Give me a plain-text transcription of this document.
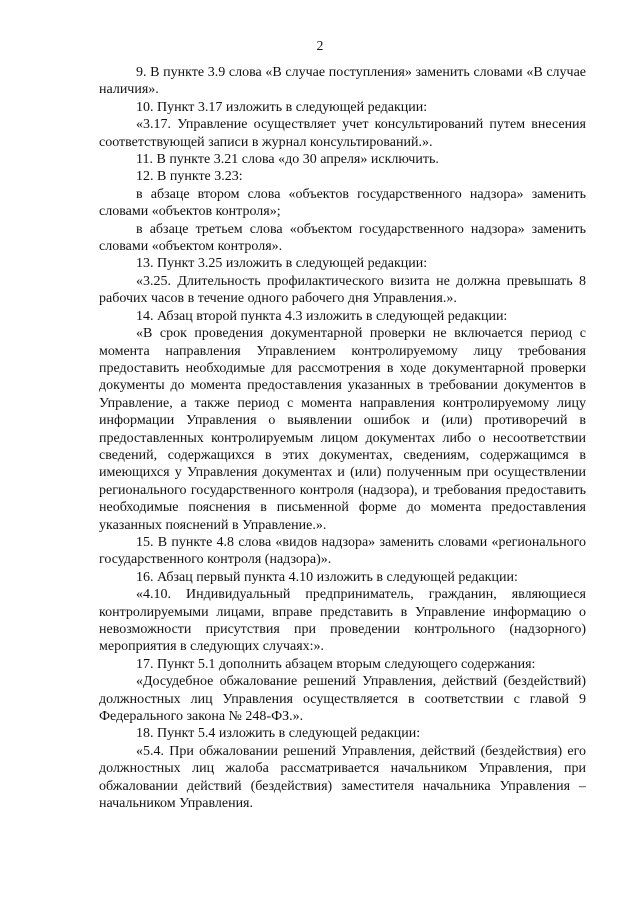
2

9. В пункте 3.9 слова «В случае поступления» заменить словами «В случае наличия».

10. Пункт 3.17 изложить в следующей редакции:

«3.17. Управление осуществляет учет консультирований путем внесения соответствующей записи в журнал консультирований.».

11. В пункте 3.21 слова «до 30 апреля» исключить.

12. В пункте 3.23:

в абзаце втором слова «объектов государственного надзора» заменить словами «объектов контроля»;

в абзаце третьем слова «объектом государственного надзора» заменить словами «объектом контроля».

13. Пункт 3.25 изложить в следующей редакции:

«3.25. Длительность профилактического визита не должна превышать 8 рабочих часов в течение одного рабочего дня Управления.».

14. Абзац второй пункта 4.3 изложить в следующей редакции:

«В срок проведения документарной проверки не включается период с момента направления Управлением контролируемому лицу требования предоставить необходимые для рассмотрения в ходе документарной проверки документы до момента предоставления указанных в требовании документов в Управление, а также период с момента направления контролируемому лицу информации Управления о выявлении ошибок и (или) противоречий в предоставленных контролируемым лицом документах либо о несоответствии сведений, содержащихся в этих документах, сведениям, содержащимся в имеющихся у Управления документах и (или) полученным при осуществлении регионального государственного контроля (надзора), и требования предоставить необходимые пояснения в письменной форме до момента предоставления указанных пояснений в Управление.».

15. В пункте 4.8 слова «видов надзора» заменить словами «регионального государственного контроля (надзора)».

16. Абзац первый пункта 4.10 изложить в следующей редакции:

«4.10. Индивидуальный предприниматель, гражданин, являющиеся контролируемыми лицами, вправе представить в Управление информацию о невозможности присутствия при проведении контрольного (надзорного) мероприятия в следующих случаях:».

17. Пункт 5.1 дополнить абзацем вторым следующего содержания:

«Досудебное обжалование решений Управления, действий (бездействий) должностных лиц Управления осуществляется в соответствии с главой 9 Федерального закона № 248-ФЗ.».

18. Пункт 5.4 изложить в следующей редакции:

«5.4. При обжаловании решений Управления, действий (бездействия) его должностных лиц жалоба рассматривается начальником Управления, при обжаловании действий (бездействия) заместителя начальника Управления – начальником Управления.
